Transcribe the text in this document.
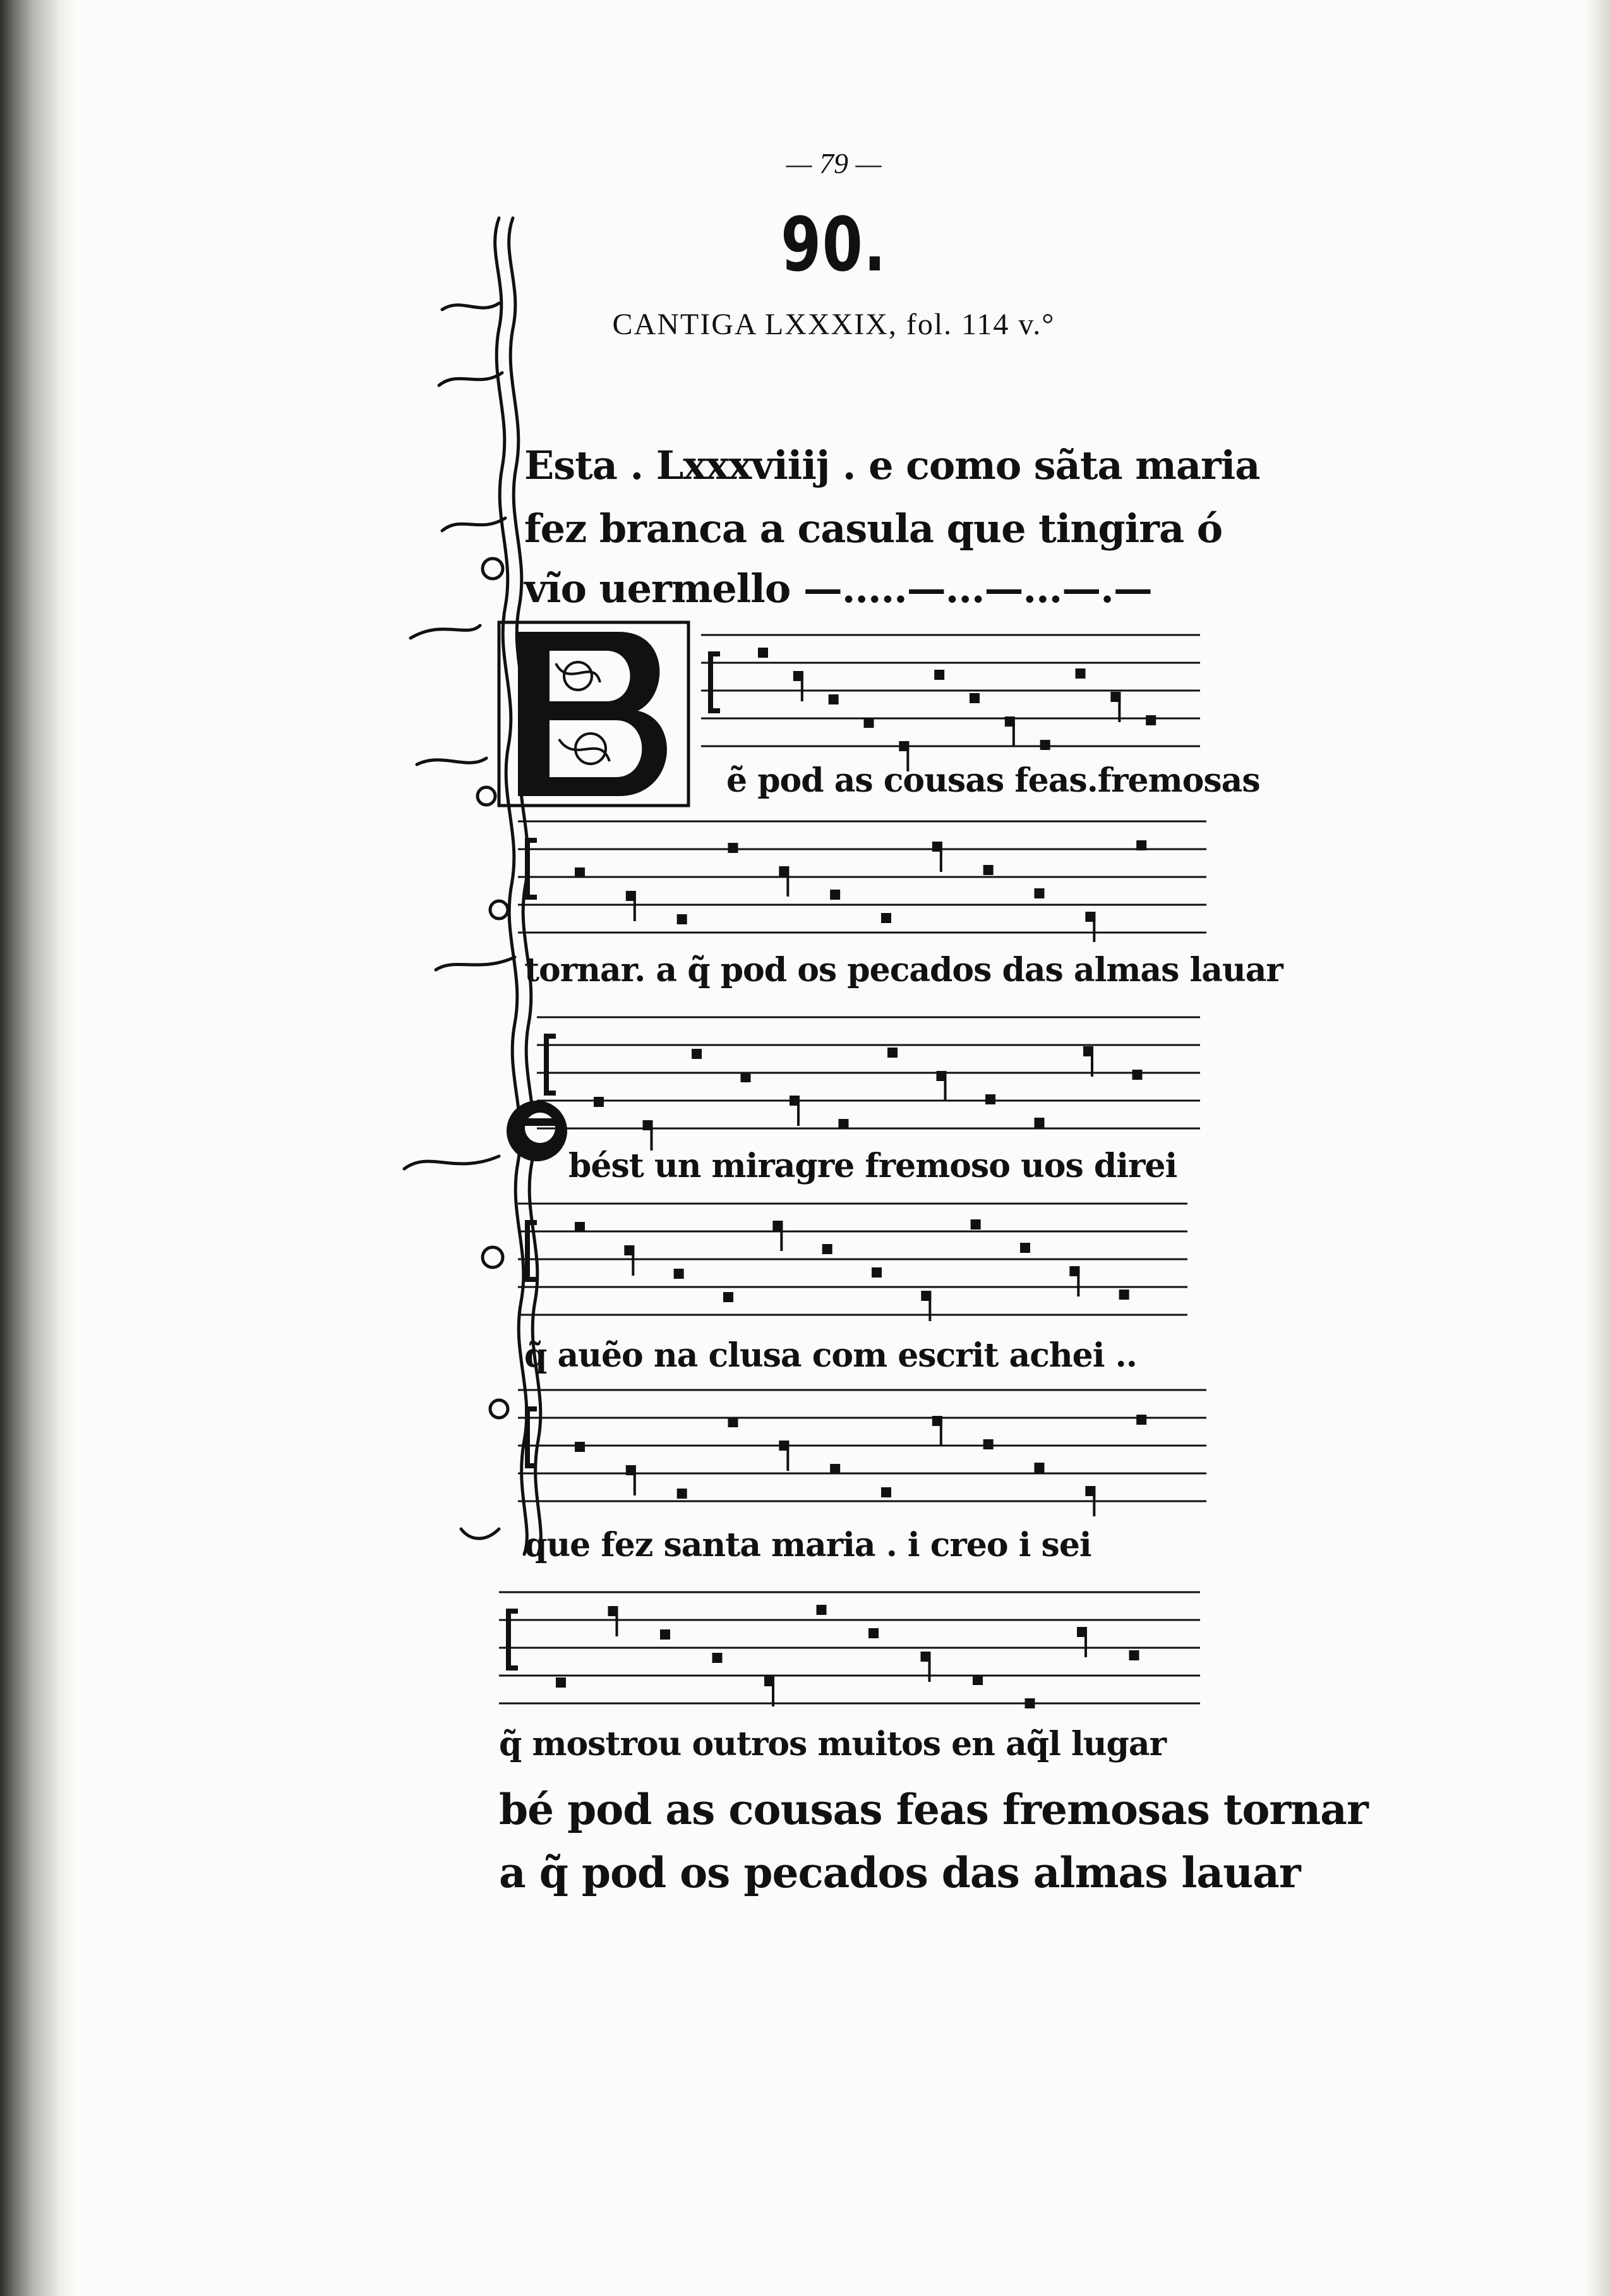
— 79 —
90.
CANTIGA LXXXIX, fol. 114 v.°
Esta . Lxxxviiij . e como sãta maria
fez branca a casula que tingira ó
vĩo uermello —.....—...—...—.—
ẽ pod as cousas feas.fremosas
tornar. a q̃ pod os pecados das almas lauar
bést un miragre fremoso uos direi
q̃ auẽo na clusa com escrit achei ..
que fez santa maria . i creo i sei
q̃ mostrou outros muitos en aq̃l lugar
bé pod as cousas feas fremosas tornar
a q̃ pod os pecados das almas lauar
